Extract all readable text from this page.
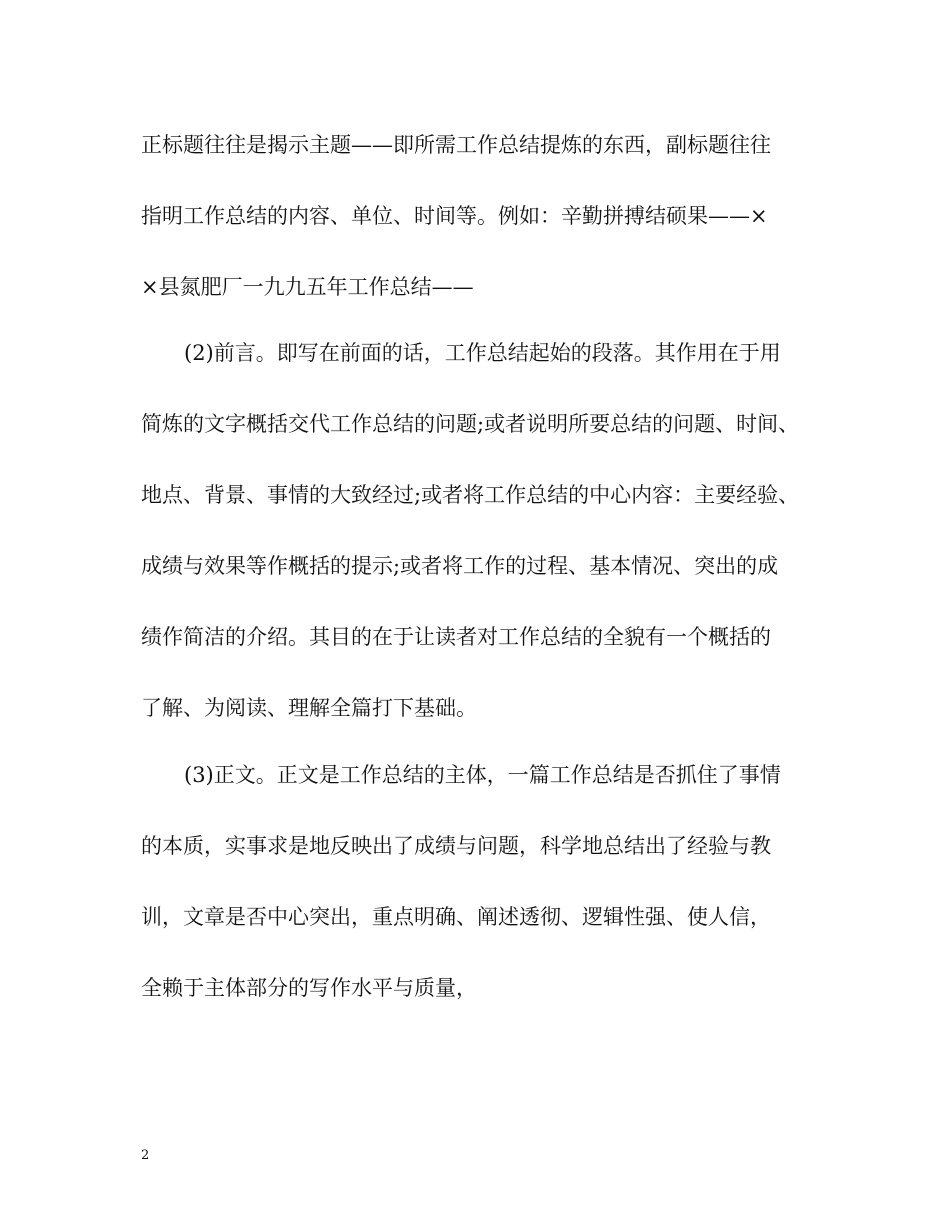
正标题往往是揭示主题——即所需工作总结提炼的东西，副标题往往
指明工作总结的内容、单位、时间等。例如：辛勤拼搏结硕果——×
×县氮肥厂一九九五年工作总结——
(2)前言。即写在前面的话，工作总结起始的段落。其作用在于用
简炼的文字概括交代工作总结的问题;或者说明所要总结的问题、时间、
地点、背景、事情的大致经过;或者将工作总结的中心内容：主要经验、
成绩与效果等作概括的提示;或者将工作的过程、基本情况、突出的成
绩作简洁的介绍。其目的在于让读者对工作总结的全貌有一个概括的
了解、为阅读、理解全篇打下基础。
(3)正文。正文是工作总结的主体，一篇工作总结是否抓住了事情
的本质，实事求是地反映出了成绩与问题，科学地总结出了经验与教
训，文章是否中心突出，重点明确、阐述透彻、逻辑性强、使人信，
全赖于主体部分的写作水平与质量，
2
